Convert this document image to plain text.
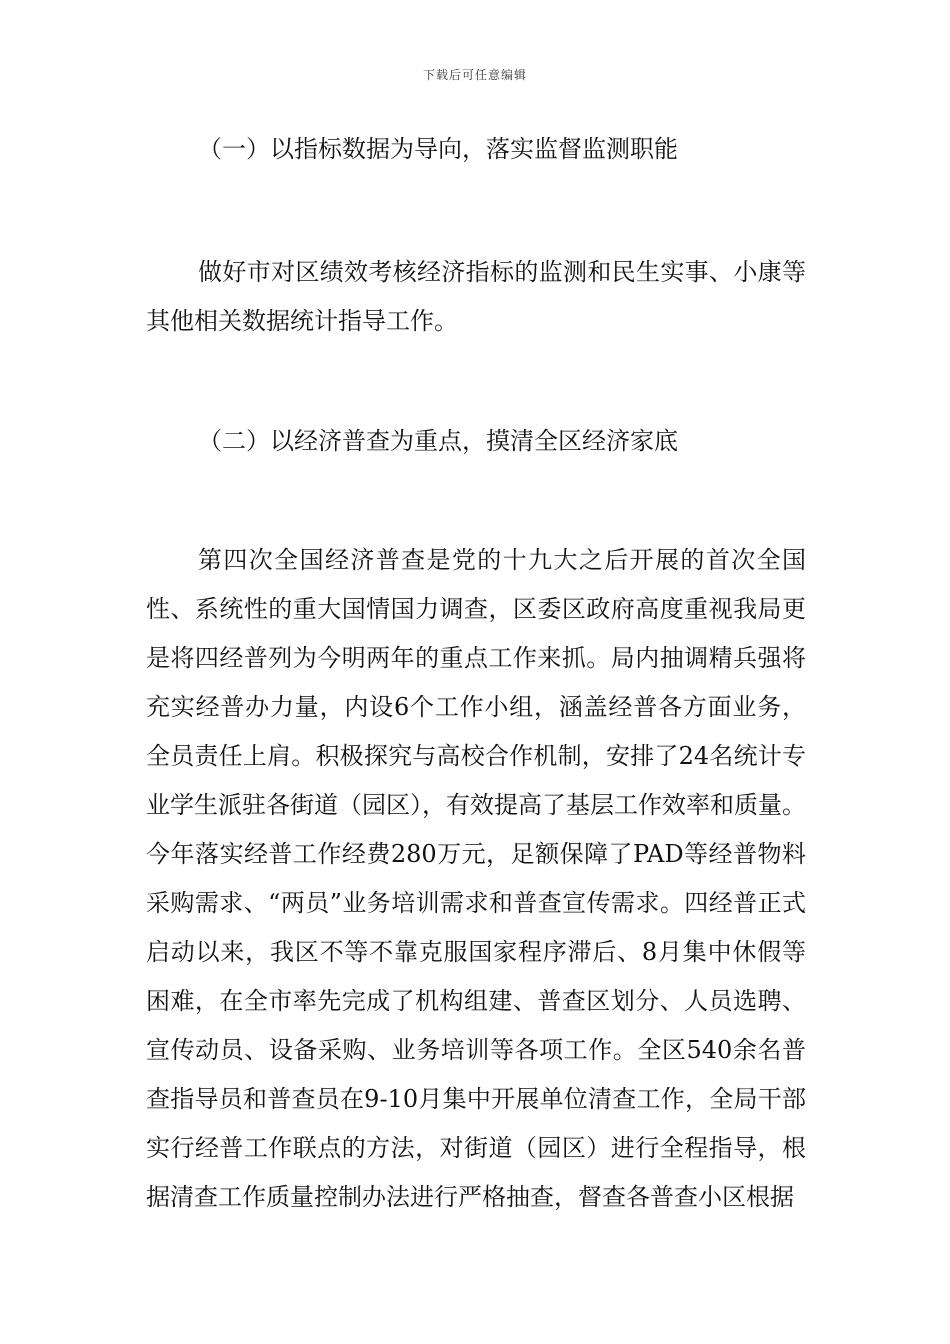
下载后可任意编辑

（一）以指标数据为导向，落实监督监测职能

做好市对区绩效考核经济指标的监测和民生实事、小康等其他相关数据统计指导工作。

（二）以经济普查为重点，摸清全区经济家底

第四次全国经济普查是党的十九大之后开展的首次全国性、系统性的重大国情国力调查，区委区政府高度重视我局更是将四经普列为今明两年的重点工作来抓。局内抽调精兵强将充实经普办力量，内设6个工作小组，涵盖经普各方面业务，全员责任上肩。积极探究与高校合作机制，安排了24名统计专业学生派驻各街道（园区），有效提高了基层工作效率和质量。今年落实经普工作经费280万元，足额保障了PAD等经普物料采购需求、“两员”业务培训需求和普查宣传需求。四经普正式启动以来，我区不等不靠克服国家程序滞后、8月集中休假等困难，在全市率先完成了机构组建、普查区划分、人员选聘、宣传动员、设备采购、业务培训等各项工作。全区540余名普查指导员和普查员在9-10月集中开展单位清查工作，全局干部实行经普工作联点的方法，对街道（园区）进行全程指导，根据清查工作质量控制办法进行严格抽查，督查各普查小区根据
